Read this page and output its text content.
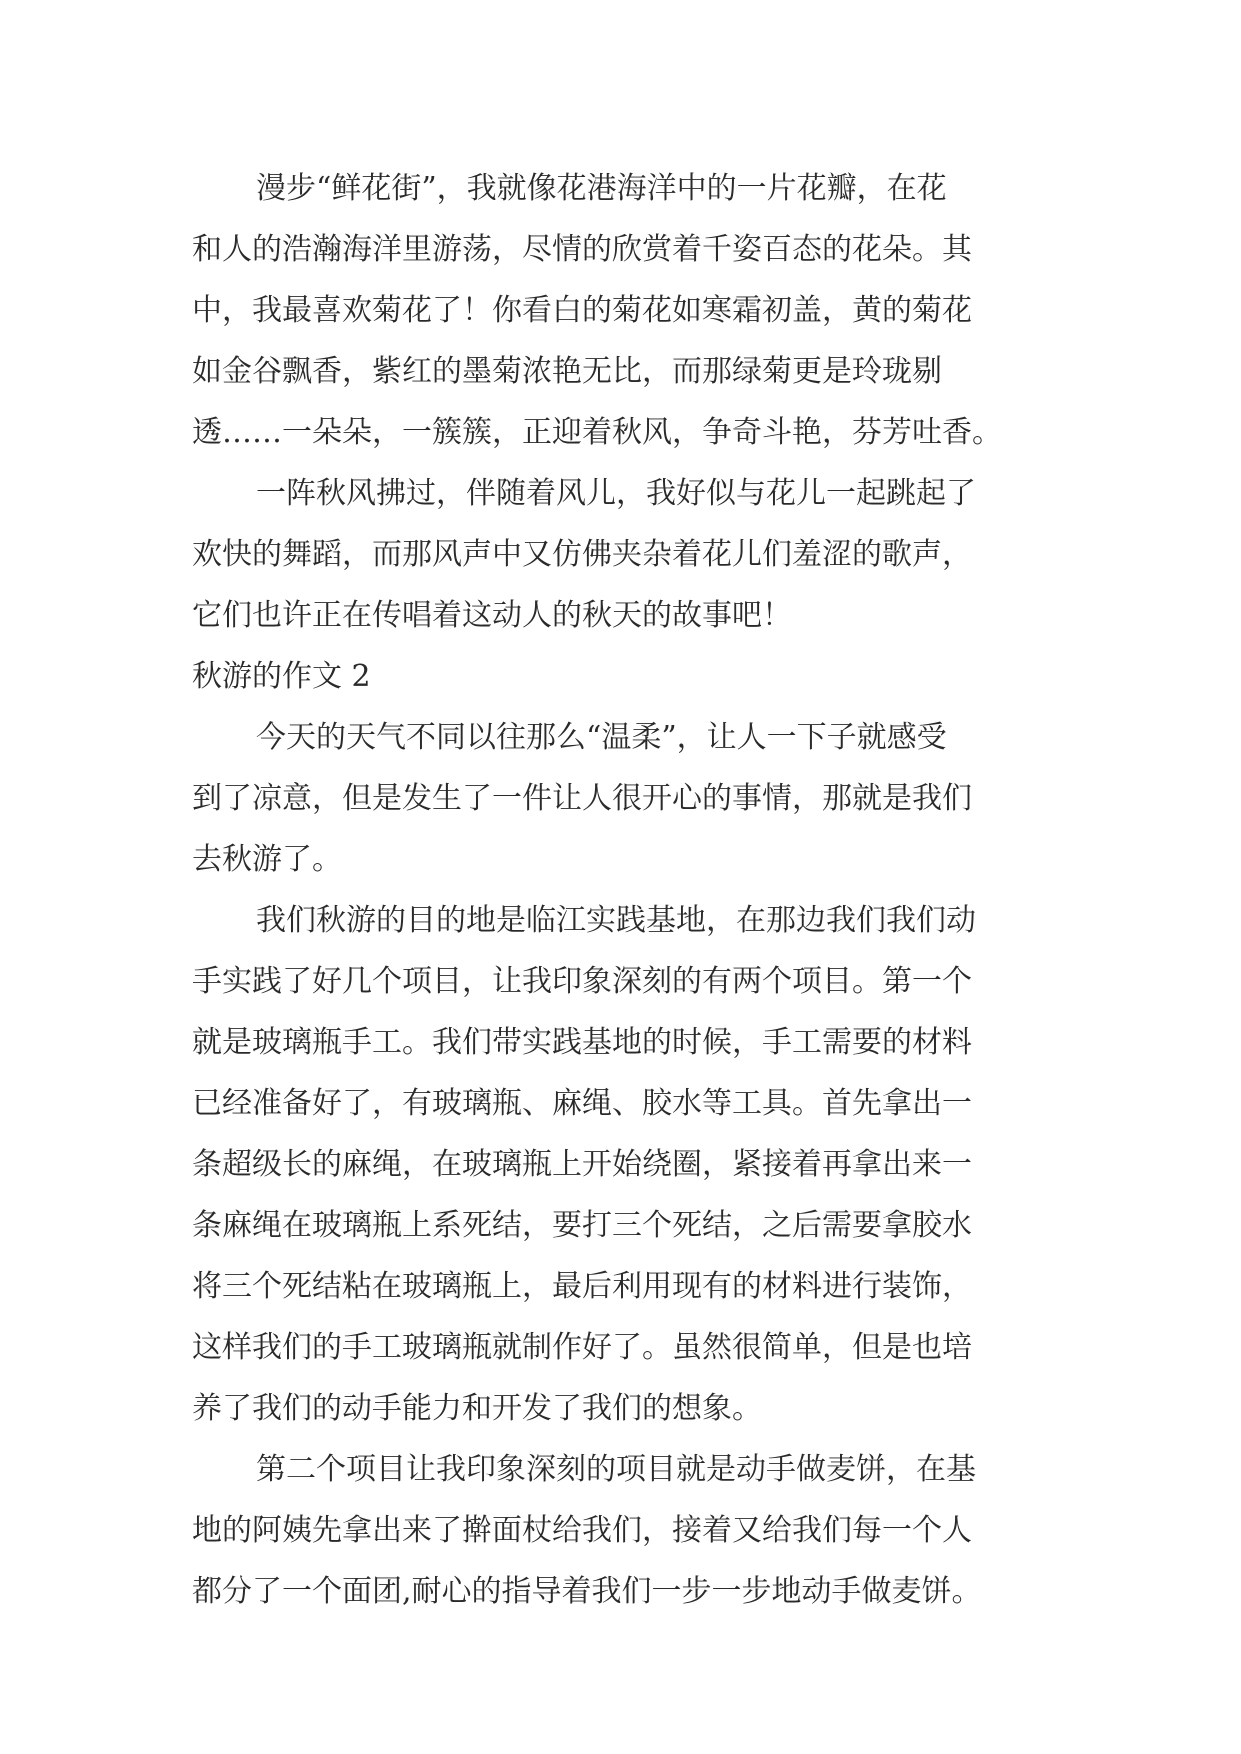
漫步“鲜花街”，我就像花港海洋中的一片花瓣，在花
和人的浩瀚海洋里游荡，尽情的欣赏着千姿百态的花朵。其
中，我最喜欢菊花了！你看白的菊花如寒霜初盖，黄的菊花
如金谷飘香，紫红的墨菊浓艳无比，而那绿菊更是玲珑剔
透……一朵朵，一簇簇，正迎着秋风，争奇斗艳，芬芳吐香。
一阵秋风拂过，伴随着风儿，我好似与花儿一起跳起了
欢快的舞蹈，而那风声中又仿佛夹杂着花儿们羞涩的歌声，
它们也许正在传唱着这动人的秋天的故事吧！
秋游的作文 2
今天的天气不同以往那么“温柔”，让人一下子就感受
到了凉意，但是发生了一件让人很开心的事情，那就是我们
去秋游了。
我们秋游的目的地是临江实践基地，在那边我们我们动
手实践了好几个项目，让我印象深刻的有两个项目。第一个
就是玻璃瓶手工。我们带实践基地的时候，手工需要的材料
已经准备好了，有玻璃瓶、麻绳、胶水等工具。首先拿出一
条超级长的麻绳，在玻璃瓶上开始绕圈，紧接着再拿出来一
条麻绳在玻璃瓶上系死结，要打三个死结，之后需要拿胶水
将三个死结粘在玻璃瓶上，最后利用现有的材料进行装饰，
这样我们的手工玻璃瓶就制作好了。虽然很简单，但是也培
养了我们的动手能力和开发了我们的想象。
第二个项目让我印象深刻的项目就是动手做麦饼，在基
地的阿姨先拿出来了擀面杖给我们，接着又给我们每一个人
都分了一个面团,耐心的指导着我们一步一步地动手做麦饼。
